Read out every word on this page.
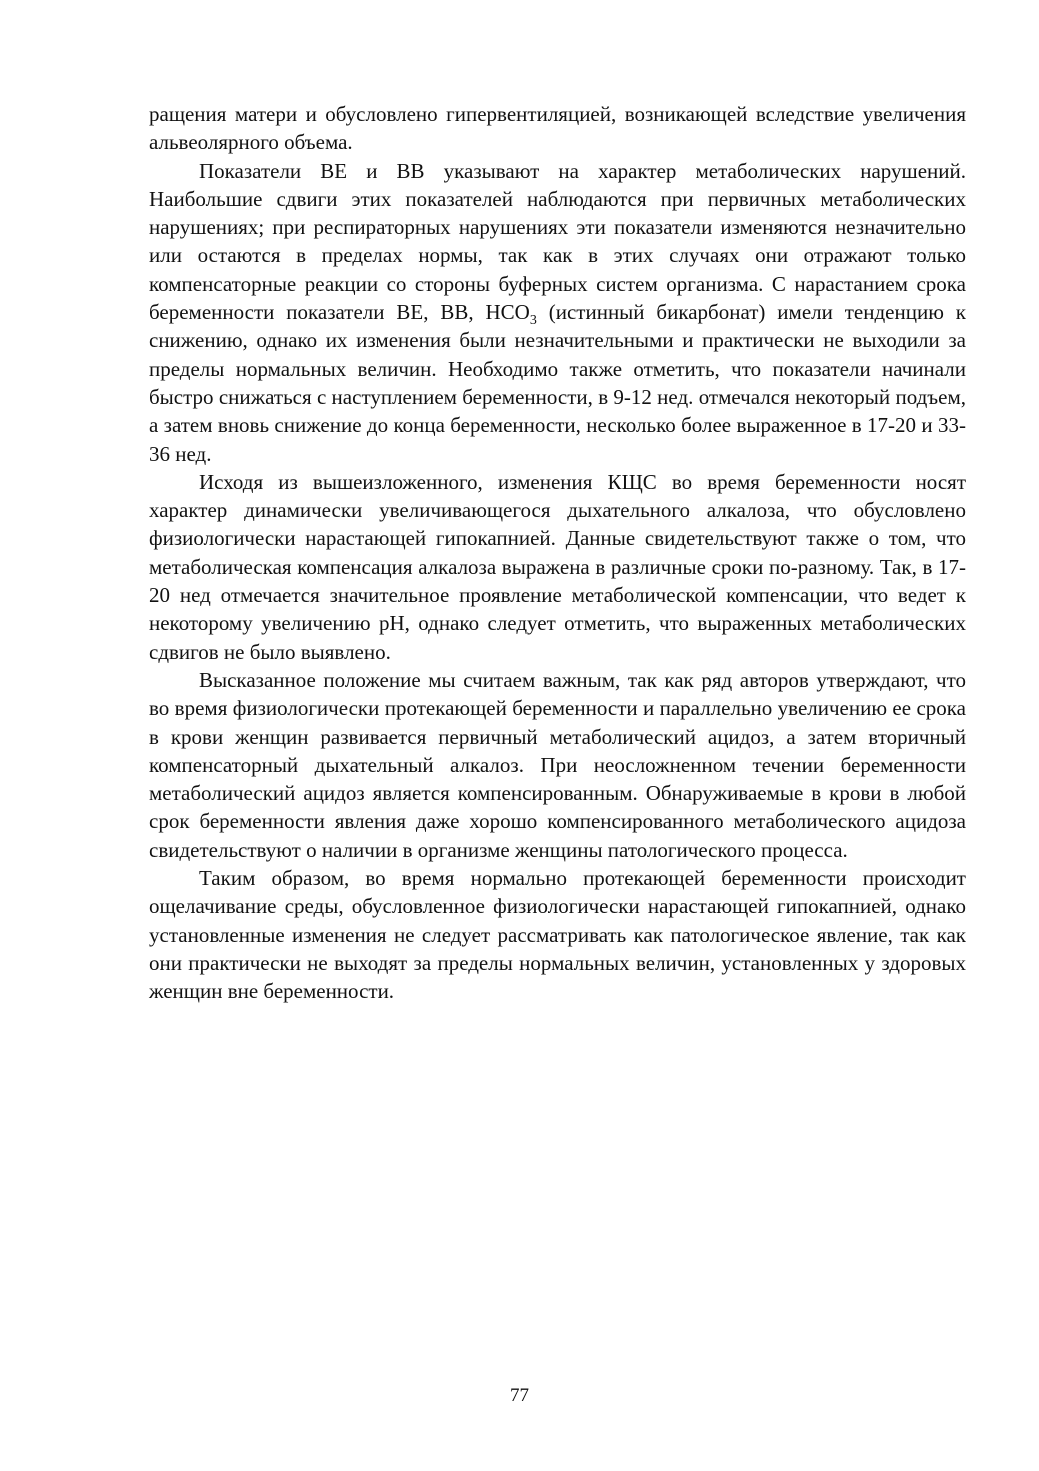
ращения матери и обусловлено гипервентиляцией, возникающей вследствие увеличения альвеолярного объема.

Показатели BE и BB указывают на характер метаболических нарушений. Наибольшие сдвиги этих показателей наблюдаются при первичных метаболических нарушениях; при респираторных нарушениях эти показатели изменяются незначительно или остаются в пределах нормы, так как в этих случаях они отражают только компенсаторные реакции со стороны буферных систем организма. С нарастанием срока беременности показатели BE, BB, $HCO_3$ (истинный бикарбонат) имели тенденцию к снижению, однако их изменения были незначительными и практически не выходили за пределы нормальных величин. Необходимо также отметить, что показатели начинали быстро снижаться с наступлением беременности, в 9-12 нед. отмечался некоторый подъем, а затем вновь снижение до конца беременности, несколько более выраженное в 17-20 и 33-36 нед.

Исходя из вышеизложенного, изменения КЩС во время беременности носят характер динамически увеличивающегося дыхательного алкалоза, что обусловлено физиологически нарастающей гипокапнией. Данные свидетельствуют также о том, что метаболическая компенсация алкалоза выражена в различные сроки по-разному. Так, в 17-20 нед отмечается значительное проявление метаболической компенсации, что ведет к некоторому увеличению pH, однако следует отметить, что выраженных метаболических сдвигов не было выявлено.

Высказанное положение мы считаем важным, так как ряд авторов утверждают, что во время физиологически протекающей беременности и параллельно увеличению ее срока в крови женщин развивается первичный метаболический ацидоз, а затем вторичный компенсаторный дыхательный алкалоз. При неосложненном течении беременности метаболический ацидоз является компенсированным. Обнаруживаемые в крови в любой срок беременности явления даже хорошо компенсированного метаболического ацидоза свидетельствуют о наличии в организме женщины патологического процесса.

Таким образом, во время нормально протекающей беременности происходит ощелачивание среды, обусловленное физиологически нарастающей гипокапнией, однако установленные изменения не следует рассматривать как патологическое явление, так как они практически не выходят за пределы нормальных величин, установленных у здоровых женщин вне беременности.

77
